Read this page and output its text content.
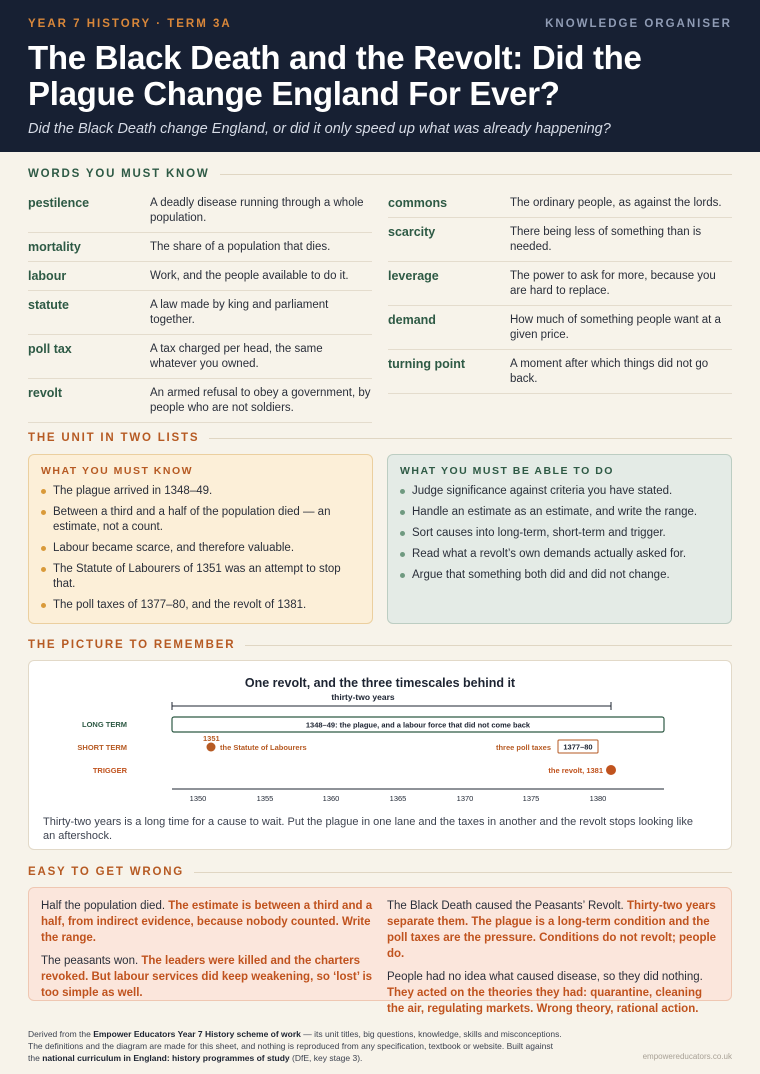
YEAR 7 HISTORY · TERM 3A	KNOWLEDGE ORGANISER
The Black Death and the Revolt: Did the Plague Change England For Ever?
Did the Black Death change England, or did it only speed up what was already happening?
WORDS YOU MUST KNOW
pestilence	A deadly disease running through a whole population.
mortality	The share of a population that dies.
labour	Work, and the people available to do it.
statute	A law made by king and parliament together.
poll tax	A tax charged per head, the same whatever you owned.
revolt	An armed refusal to obey a government, by people who are not soldiers.
commons	The ordinary people, as against the lords.
scarcity	There being less of something than is needed.
leverage	The power to ask for more, because you are hard to replace.
demand	How much of something people want at a given price.
turning point	A moment after which things did not go back.
THE UNIT IN TWO LISTS
WHAT YOU MUST KNOW
The plague arrived in 1348–49.
Between a third and a half of the population died — an estimate, not a count.
Labour became scarce, and therefore valuable.
The Statute of Labourers of 1351 was an attempt to stop that.
The poll taxes of 1377–80, and the revolt of 1381.
WHAT YOU MUST BE ABLE TO DO
Judge significance against criteria you have stated.
Handle an estimate as an estimate, and write the range.
Sort causes into long-term, short-term and trigger.
Read what a revolt’s own demands actually asked for.
Argue that something both did and did not change.
THE PICTURE TO REMEMBER
One revolt, and the three timescales behind it
thirty-two years
LONG TERM
SHORT TERM
TRIGGER
1348–49: the plague, and a labour force that did not come back
1351
the Statute of Labourers	three poll taxes 1377–80
the revolt, 1381
1350	1355	1360	1365	1370	1375	1380
Thirty-two years is a long time for a cause to wait. Put the plague in one lane and the taxes in another and the revolt stops looking like an aftershock.
EASY TO GET WRONG
Half the population died. The estimate is between a third and a half, from indirect evidence, because nobody counted. Write the range.
The peasants won. The leaders were killed and the charters revoked. But labour services did keep weakening, so ‘lost’ is too simple as well.
The Black Death caused the Peasants’ Revolt. Thirty-two years separate them. The plague is a long-term condition and the poll taxes are the pressure. Conditions do not revolt; people do.
People had no idea what caused disease, so they did nothing. They acted on the theories they had: quarantine, cleaning the air, regulating markets. Wrong theory, rational action.
Derived from the Empower Educators Year 7 History scheme of work — its unit titles, big questions, knowledge, skills and misconceptions.
The definitions and the diagram are made for this sheet, and nothing is reproduced from any specification, textbook or website. Built against
the national curriculum in England: history programmes of study (DfE, key stage 3).	empowereducators.co.uk
